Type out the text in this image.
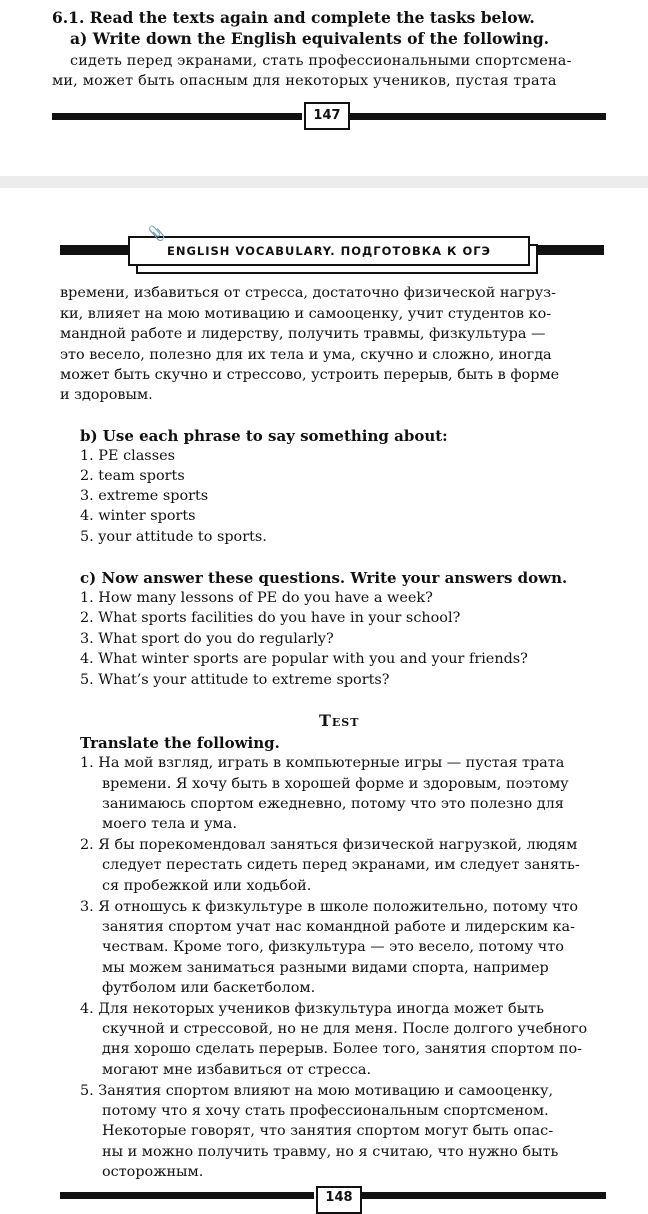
6.1. Read the texts again and complete the tasks below.
a) Write down the English equivalents of the following.
сидеть перед экранами, стать профессиональными спортсмена-
ми, может быть опасным для некоторых учеников, пустая трата
147
ENGLISH VOCABULARY. ПОДГОТОВКА К ОГЭ
📎
времени, избавиться от стресса, достаточно физической нагруз-
ки, влияет на мою мотивацию и самооценку, учит студентов ко-
мандной работе и лидерству, получить травмы, физкультура —
это весело, полезно для их тела и ума, скучно и сложно, иногда
может быть скучно и стрессово, устроить перерыв, быть в форме
и здоровым.
b) Use each phrase to say something about:
1. PE classes
2. team sports
3. extreme sports
4. winter sports
5. your attitude to sports.
c) Now answer these questions. Write your answers down.
1. How many lessons of PE do you have a week?
2. What sports facilities do you have in your school?
3. What sport do you do regularly?
4. What winter sports are popular with you and your friends?
5. What’s your attitude to extreme sports?
Test
Translate the following.
1. На мой взгляд, играть в компьютерные игры — пустая трата
времени. Я хочу быть в хорошей форме и здоровым, поэтому
занимаюсь спортом ежедневно, потому что это полезно для
моего тела и ума.
2. Я бы порекомендовал заняться физической нагрузкой, людям
следует перестать сидеть перед экранами, им следует занять-
ся пробежкой или ходьбой.
3. Я отношусь к физкультуре в школе положительно, потому что
занятия спортом учат нас командной работе и лидерским ка-
чествам. Кроме того, физкультура — это весело, потому что
мы можем заниматься разными видами спорта, например
футболом или баскетболом.
4. Для некоторых учеников физкультура иногда может быть
скучной и стрессовой, но не для меня. После долгого учебного
дня хорошо сделать перерыв. Более того, занятия спортом по-
могают мне избавиться от стресса.
5. Занятия спортом влияют на мою мотивацию и самооценку,
потому что я хочу стать профессиональным спортсменом.
Некоторые говорят, что занятия спортом могут быть опас-
ны и можно получить травму, но я считаю, что нужно быть
осторожным.
148
